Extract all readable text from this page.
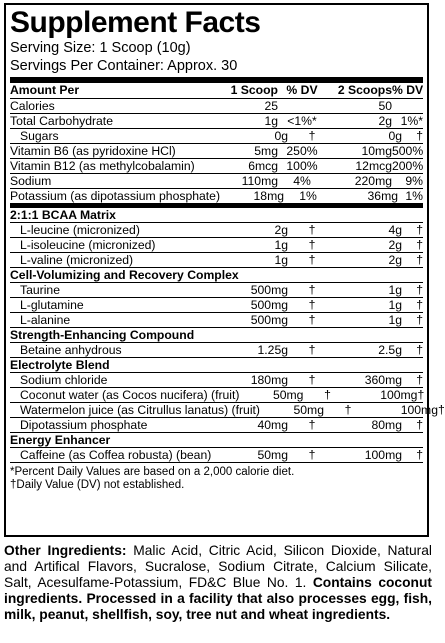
Supplement Facts
Serving Size: 1 Scoop (10g)
Servings Per Container: Approx. 30
Amount Per	1 Scoop % DV	2 Scoops % DV
Calories	25	50
Total Carbohydrate	1g <1%*	2g 1%*
Sugars	0g	†	0g	†
Vitamin B6 (as pyridoxine HCl)	5mg 250%	10mg 500%
Vitamin B12 (as methylcobalamin)	6mcg 100%	12mcg 200%
Sodium	110mg	4%	220mg	9%
Potassium (as dipotassium phosphate)	18mg	1%	36mg 1%
2:1:1 BCAA Matrix
L-leucine (micronized)	2g	†	4g	†
L-isoleucine (micronized)	1g	†	2g	†
L-valine (micronized)	1g	†	2g	†
Cell-Volumizing and Recovery Complex
Taurine	500mg	†	1g	†
L-glutamine	500mg	†	1g	†
L-alanine	500mg	†	1g	†
Strength-Enhancing Compound
Betaine anhydrous	1.25g	†	2.5g	†
Electrolyte Blend
Sodium chloride	180mg	†	360mg	†
Coconut water (as Cocos nucifera) (fruit)	50mg	†	100mg †
Watermelon juice (as Citrullus lanatus) (fruit)	50mg	†	100mg †
Dipotassium phosphate	40mg	†	80mg	†
Energy Enhancer
Caffeine (as Coffea robusta) (bean)	50mg	†	100mg	†
*Percent Daily Values are based on a 2,000 calorie diet.
†Daily Value (DV) not established.
Other Ingredients: Malic Acid, Citric Acid, Silicon Dioxide, Natural and Artifical Flavors, Sucralose, Sodium Citrate, Calcium Silicate, Salt, Acesulfame-Potassium, FD&C Blue No. 1. Contains coconut ingredients. Processed in a facility that also processes egg, fish, milk, peanut, shellfish, soy, tree nut and wheat ingredients.
